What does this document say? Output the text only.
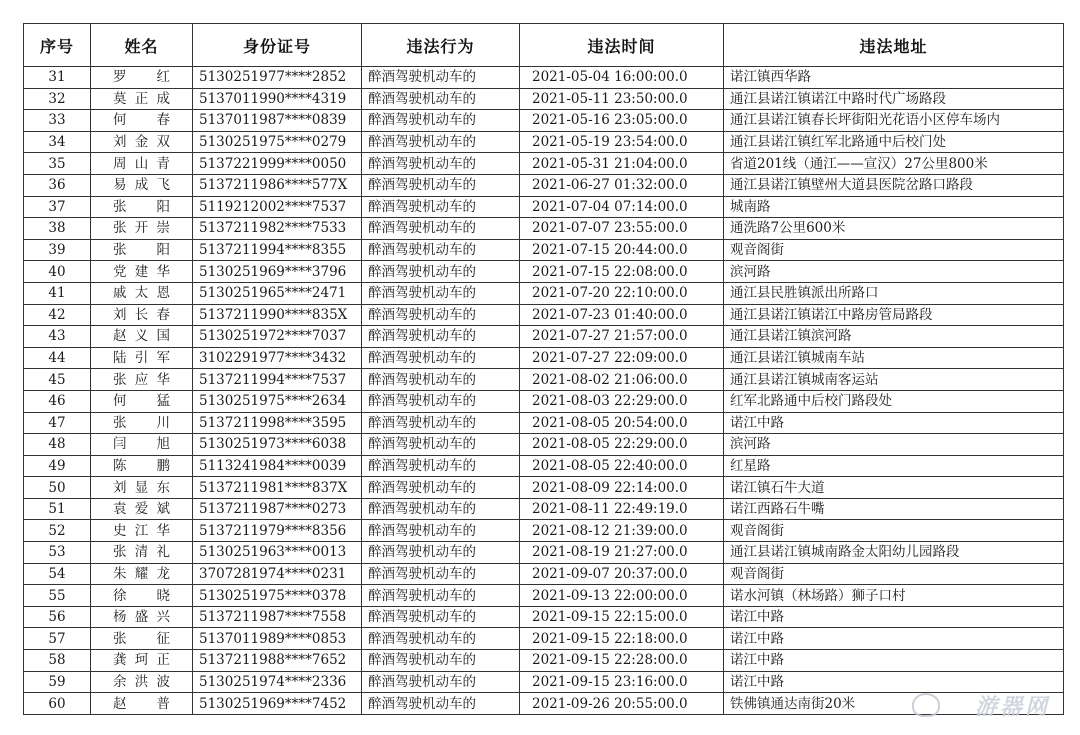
序号	姓名	身份证号	违法行为	违法时间	违法地址
31	罗红	5130251977****2852	醉酒驾驶机动车的	2021-05-04 16:00:00.0	诺江镇西华路
32	莫正成	5137011990****4319	醉酒驾驶机动车的	2021-05-11 23:50:00.0	通江县诺江镇诺江中路时代广场路段
33	何春	5137011987****0839	醉酒驾驶机动车的	2021-05-16 23:05:00.0	通江县诺江镇春长坪街阳光花语小区停车场内
34	刘金双	5130251975****0279	醉酒驾驶机动车的	2021-05-19 23:54:00.0	通江县诺江镇红军北路通中后校门处
35	周山青	5137221999****0050	醉酒驾驶机动车的	2021-05-31 21:04:00.0	省道201线（通江——宣汉）27公里800米
36	易成飞	5137211986****577X	醉酒驾驶机动车的	2021-06-27 01:32:00.0	通江县诺江镇壁州大道县医院岔路口路段
37	张阳	5119212002****7537	醉酒驾驶机动车的	2021-07-04 07:14:00.0	城南路
38	张开崇	5137211982****7533	醉酒驾驶机动车的	2021-07-07 23:55:00.0	通洗路7公里600米
39	张阳	5137211994****8355	醉酒驾驶机动车的	2021-07-15 20:44:00.0	观音阁街
40	党建华	5130251969****3796	醉酒驾驶机动车的	2021-07-15 22:08:00.0	滨河路
41	戚太恩	5130251965****2471	醉酒驾驶机动车的	2021-07-20 22:10:00.0	通江县民胜镇派出所路口
42	刘长春	5137211990****835X	醉酒驾驶机动车的	2021-07-23 01:40:00.0	通江县诺江镇诺江中路房管局路段
43	赵义国	5130251972****7037	醉酒驾驶机动车的	2021-07-27 21:57:00.0	通江县诺江镇滨河路
44	陆引军	3102291977****3432	醉酒驾驶机动车的	2021-07-27 22:09:00.0	通江县诺江镇城南车站
45	张应华	5137211994****7537	醉酒驾驶机动车的	2021-08-02 21:06:00.0	通江县诺江镇城南客运站
46	何猛	5130251975****2634	醉酒驾驶机动车的	2021-08-03 22:29:00.0	红军北路通中后校门路段处
47	张川	5137211998****3595	醉酒驾驶机动车的	2021-08-05 20:54:00.0	诺江中路
48	闫旭	5130251973****6038	醉酒驾驶机动车的	2021-08-05 22:29:00.0	滨河路
49	陈鹏	5113241984****0039	醉酒驾驶机动车的	2021-08-05 22:40:00.0	红星路
50	刘显东	5137211981****837X	醉酒驾驶机动车的	2021-08-09 22:14:00.0	诺江镇石牛大道
51	袁爱斌	5137211987****0273	醉酒驾驶机动车的	2021-08-11 22:49:19.0	诺江西路石牛嘴
52	史江华	5137211979****8356	醉酒驾驶机动车的	2021-08-12 21:39:00.0	观音阁街
53	张清礼	5130251963****0013	醉酒驾驶机动车的	2021-08-19 21:27:00.0	通江县诺江镇城南路金太阳幼儿园路段
54	朱耀龙	3707281974****0231	醉酒驾驶机动车的	2021-09-07 20:37:00.0	观音阁街
55	徐晓	5130251975****0378	醉酒驾驶机动车的	2021-09-13 22:00:00.0	诺水河镇（林场路）狮子口村
56	杨盛兴	5137211987****7558	醉酒驾驶机动车的	2021-09-15 22:15:00.0	诺江中路
57	张征	5137011989****0853	醉酒驾驶机动车的	2021-09-15 22:18:00.0	诺江中路
58	龚珂正	5137211988****7652	醉酒驾驶机动车的	2021-09-15 22:28:00.0	诺江中路
59	余洪波	5130251974****2336	醉酒驾驶机动车的	2021-09-15 23:16:00.0	诺江中路
60	赵普	5130251969****7452	醉酒驾驶机动车的	2021-09-26 20:55:00.0	铁佛镇通达南街20米	游器网
